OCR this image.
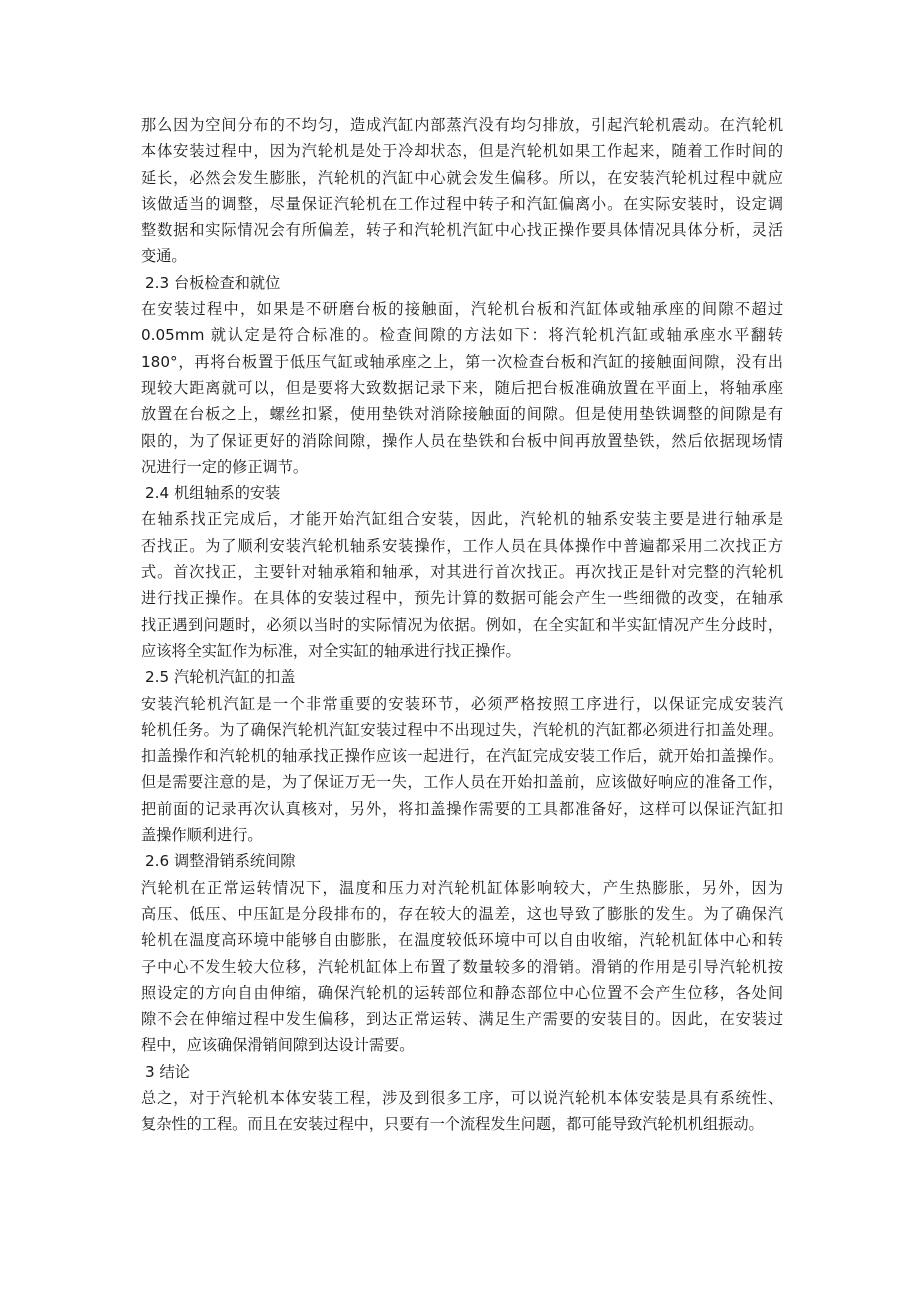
那么因为空间分布的不均匀，造成汽缸内部蒸汽没有均匀排放，引起汽轮机震动。在汽轮机
本体安装过程中，因为汽轮机是处于冷却状态，但是汽轮机如果工作起来，随着工作时间的
延长，必然会发生膨胀，汽轮机的汽缸中心就会发生偏移。所以，在安装汽轮机过程中就应
该做适当的调整，尽量保证汽轮机在工作过程中转子和汽缸偏离小。在实际安装时，设定调
整数据和实际情况会有所偏差，转子和汽轮机汽缸中心找正操作要具体情况具体分析，灵活
变通。
2.3 台板检查和就位
在安装过程中，如果是不研磨台板的接触面，汽轮机台板和汽缸体或轴承座的间隙不超过
0.05mm 就认定是符合标准的。检查间隙的方法如下：将汽轮机汽缸或轴承座水平翻转
180°，再将台板置于低压气缸或轴承座之上，第一次检查台板和汽缸的接触面间隙，没有出
现较大距离就可以，但是要将大致数据记录下来，随后把台板准确放置在平面上，将轴承座
放置在台板之上，螺丝扣紧，使用垫铁对消除接触面的间隙。但是使用垫铁调整的间隙是有
限的，为了保证更好的消除间隙，操作人员在垫铁和台板中间再放置垫铁，然后依据现场情
况进行一定的修正调节。
2.4 机组轴系的安装
在轴系找正完成后，才能开始汽缸组合安装，因此，汽轮机的轴系安装主要是进行轴承是
否找正。为了顺利安装汽轮机轴系安装操作，工作人员在具体操作中普遍都采用二次找正方
式。首次找正，主要针对轴承箱和轴承，对其进行首次找正。再次找正是针对完整的汽轮机
进行找正操作。在具体的安装过程中，预先计算的数据可能会产生一些细微的改变，在轴承
找正遇到问题时，必须以当时的实际情况为依据。例如，在全实缸和半实缸情况产生分歧时，
应该将全实缸作为标准，对全实缸的轴承进行找正操作。
2.5 汽轮机汽缸的扣盖
安装汽轮机汽缸是一个非常重要的安装环节，必须严格按照工序进行，以保证完成安装汽
轮机任务。为了确保汽轮机汽缸安装过程中不出现过失，汽轮机的汽缸都必须进行扣盖处理。
扣盖操作和汽轮机的轴承找正操作应该一起进行，在汽缸完成安装工作后，就开始扣盖操作。
但是需要注意的是，为了保证万无一失，工作人员在开始扣盖前，应该做好响应的准备工作，
把前面的记录再次认真核对，另外，将扣盖操作需要的工具都准备好，这样可以保证汽缸扣
盖操作顺利进行。
2.6 调整滑销系统间隙
汽轮机在正常运转情况下，温度和压力对汽轮机缸体影响较大，产生热膨胀，另外，因为
高压、低压、中压缸是分段排布的，存在较大的温差，这也导致了膨胀的发生。为了确保汽
轮机在温度高环境中能够自由膨胀，在温度较低环境中可以自由收缩，汽轮机缸体中心和转
子中心不发生较大位移，汽轮机缸体上布置了数量较多的滑销。滑销的作用是引导汽轮机按
照设定的方向自由伸缩，确保汽轮机的运转部位和静态部位中心位置不会产生位移，各处间
隙不会在伸缩过程中发生偏移，到达正常运转、满足生产需要的安装目的。因此，在安装过
程中，应该确保滑销间隙到达设计需要。
3 结论
总之，对于汽轮机本体安装工程，涉及到很多工序，可以说汽轮机本体安装是具有系统性、
复杂性的工程。而且在安装过程中，只要有一个流程发生问题，都可能导致汽轮机机组振动。
